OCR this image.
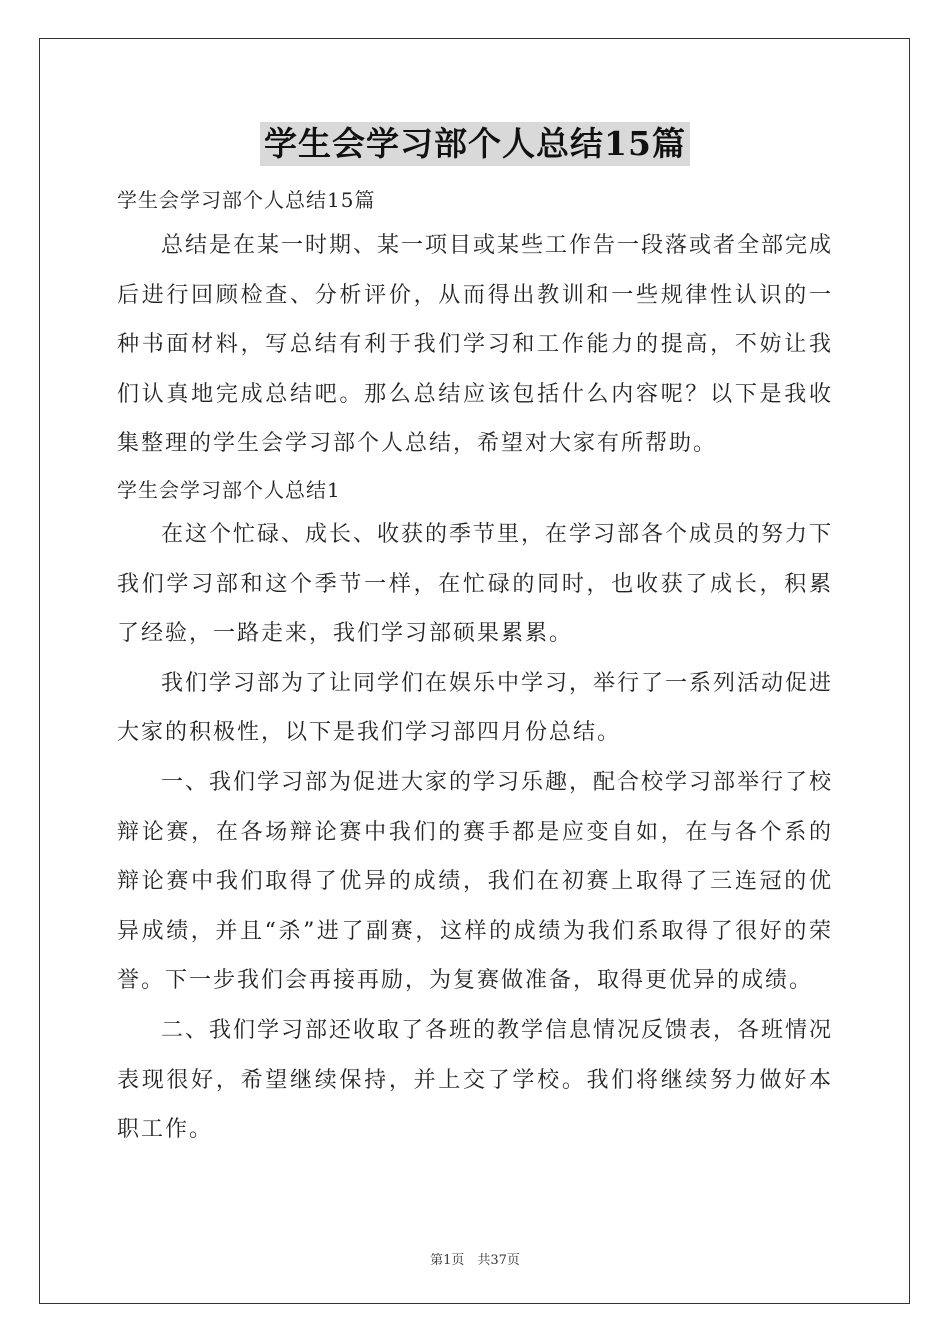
学生会学习部个人总结15篇

学生会学习部个人总结15篇

总结是在某一时期、某一项目或某些工作告一段落或者全部完成后进行回顾检查、分析评价，从而得出教训和一些规律性认识的一种书面材料，写总结有利于我们学习和工作能力的提高，不妨让我们认真地完成总结吧。那么总结应该包括什么内容呢？以下是我收集整理的学生会学习部个人总结，希望对大家有所帮助。

学生会学习部个人总结1

在这个忙碌、成长、收获的季节里，在学习部各个成员的努力下我们学习部和这个季节一样，在忙碌的同时，也收获了成长，积累了经验，一路走来，我们学习部硕果累累。

我们学习部为了让同学们在娱乐中学习，举行了一系列活动促进大家的积极性，以下是我们学习部四月份总结。

一、我们学习部为促进大家的学习乐趣，配合校学习部举行了校辩论赛，在各场辩论赛中我们的赛手都是应变自如，在与各个系的辩论赛中我们取得了优异的成绩，我们在初赛上取得了三连冠的优异成绩，并且“杀”进了副赛，这样的成绩为我们系取得了很好的荣誉。下一步我们会再接再励，为复赛做准备，取得更优异的成绩。

二、我们学习部还收取了各班的教学信息情况反馈表，各班情况表现很好，希望继续保持，并上交了学校。我们将继续努力做好本职工作。

第1页　共37页
